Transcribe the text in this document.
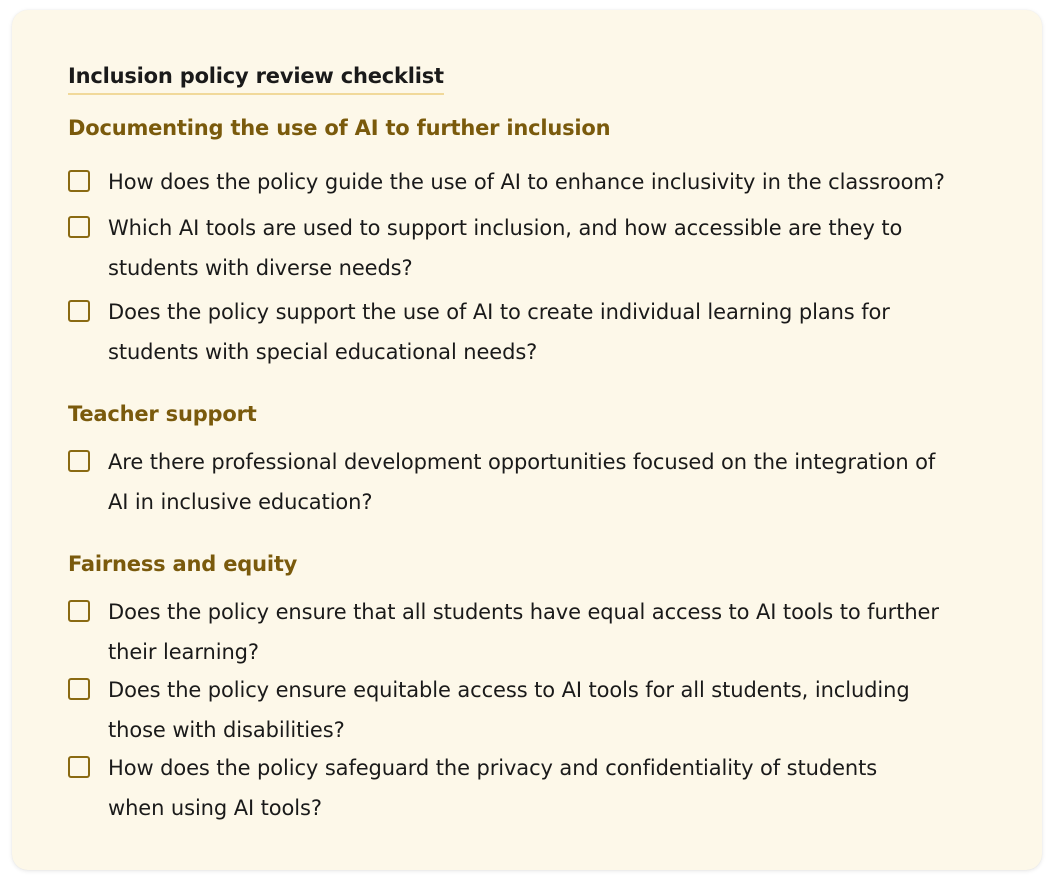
Inclusion policy review checklist
Documenting the use of AI to further inclusion
How does the policy guide the use of AI to enhance inclusivity in the classroom?
Which AI tools are used to support inclusion, and how accessible are they to students with diverse needs?
Does the policy support the use of AI to create individual learning plans for students with special educational needs?
Teacher support
Are there professional development opportunities focused on the integration of AI in inclusive education?
Fairness and equity
Does the policy ensure that all students have equal access to AI tools to further their learning?
Does the policy ensure equitable access to AI tools for all students, including those with disabilities?
How does the policy safeguard the privacy and confidentiality of students when using AI tools?
